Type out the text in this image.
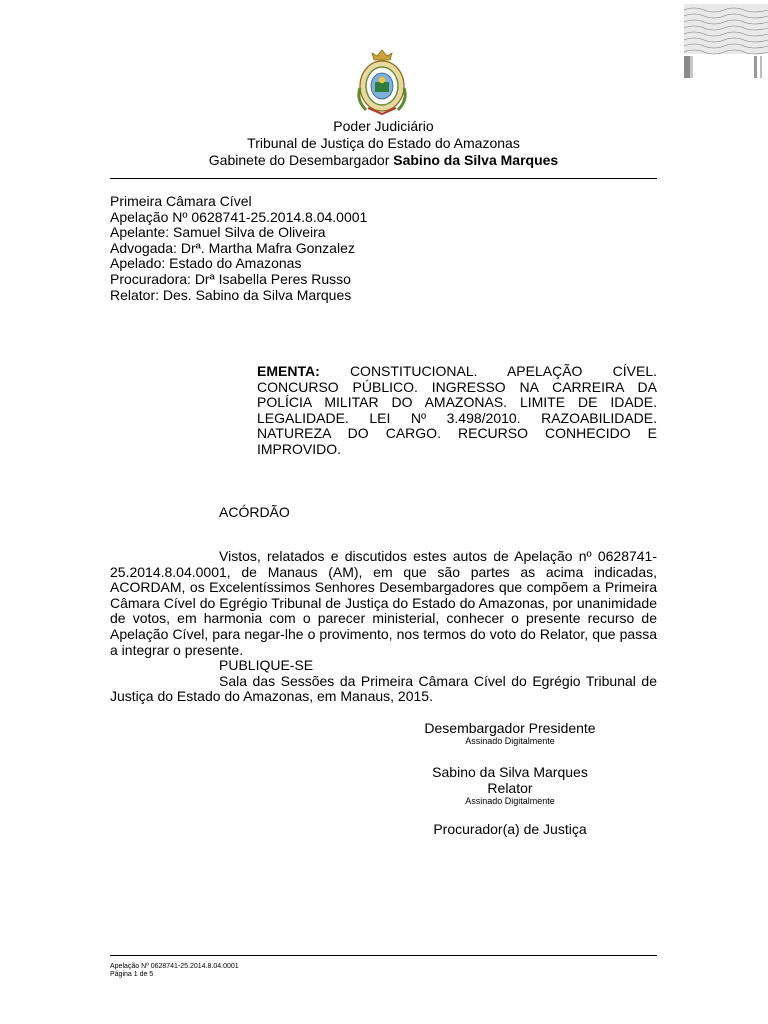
Poder Judiciário
Tribunal de Justiça do Estado do Amazonas
Gabinete do Desembargador Sabino da Silva Marques
Primeira Câmara Cível
Apelação Nº 0628741-25.2014.8.04.0001
Apelante: Samuel Silva de Oliveira
Advogada: Drª. Martha Mafra Gonzalez
Apelado: Estado do Amazonas
Procuradora: Drª Isabella Peres Russo
Relator: Des. Sabino da Silva Marques
EMENTA: CONSTITUCIONAL. APELAÇÃO CÍVEL. CONCURSO PÚBLICO. INGRESSO NA CARREIRA DA POLÍCIA MILITAR DO AMAZONAS. LIMITE DE IDADE. LEGALIDADE. LEI Nº 3.498/2010. RAZOABILIDADE. NATUREZA DO CARGO. RECURSO CONHECIDO E IMPROVIDO.
ACÓRDÃO
Vistos, relatados e discutidos estes autos de Apelação nº 0628741-25.2014.8.04.0001, de Manaus (AM), em que são partes as acima indicadas, ACORDAM, os Excelentíssimos Senhores Desembargadores que compõem a Primeira Câmara Cível do Egrégio Tribunal de Justiça do Estado do Amazonas, por unanimidade de votos, em harmonia com o parecer ministerial, conhecer o presente recurso de Apelação Cível, para negar-lhe o provimento, nos termos do voto do Relator, que passa a integrar o presente.
PUBLIQUE-SE
Sala das Sessões da Primeira Câmara Cível do Egrégio Tribunal de Justiça do Estado do Amazonas, em Manaus, 2015.
Desembargador Presidente
Assinado Digitalmente
Sabino da Silva Marques
Relator
Assinado Digitalmente
Procurador(a) de Justiça
Apelação Nº 0628741-25.2014.8.04.0001
Página 1 de 5
